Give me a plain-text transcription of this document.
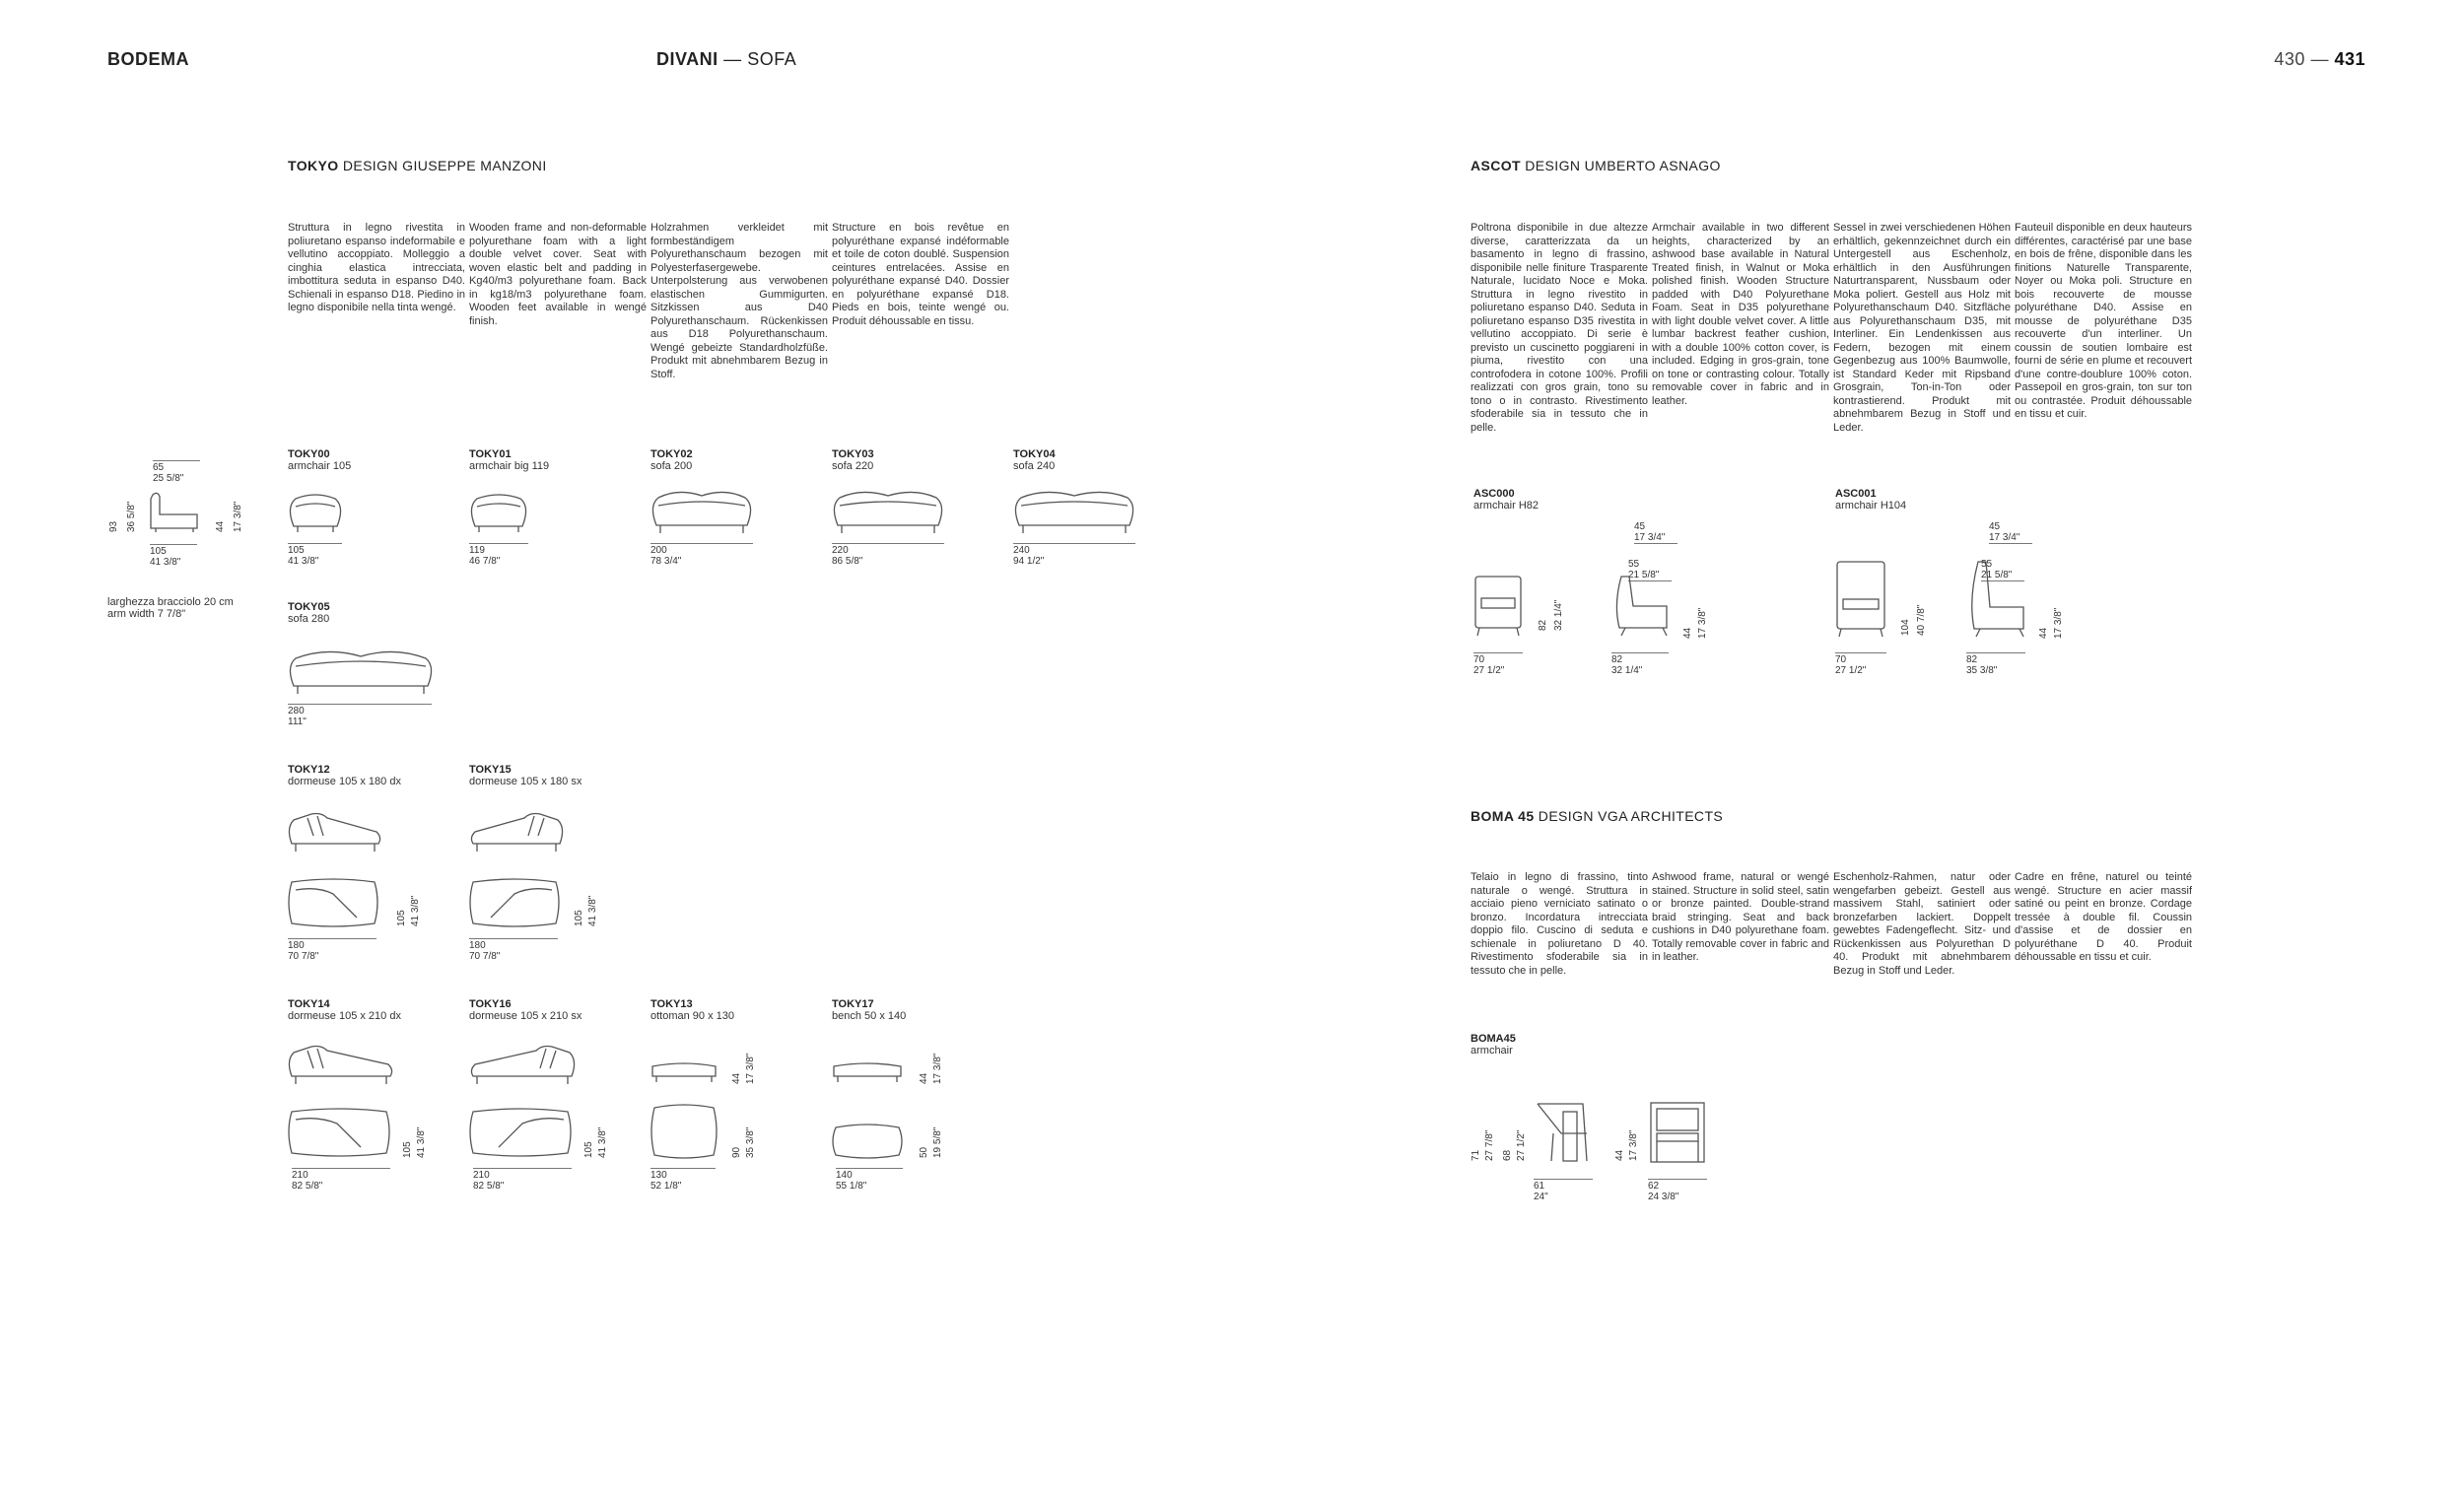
BODEMA	DIVANI — SOFA	430 — 431
TOKYO DESIGN GIUSEPPE MANZONI
Struttura in legno rivestita in poliuretano espanso indeformabile e vellutino accoppiato. Molleggio a cinghia elastica intrecciata, imbottitura seduta in espanso D40. Schienali in espanso D18. Piedino in legno disponibile nella tinta wengé.
Wooden frame and non-deformable polyurethane foam with a light double velvet cover. Seat with woven elastic belt and padding in Kg40/m3 polyurethane foam. Back in kg18/m3 polyurethane foam. Wooden feet available in wengé finish.
Holzrahmen verkleidet mit formbeständigem Polyurethanschaum bezogen mit Polyesterfasergewebe. Unterpolsterung aus verwobenen elastischen Gummigurten. Sitzkissen aus D40 Polyurethanschaum. Rückenkissen aus D18 Polyurethanschaum. Wengé gebeizte Standardholzfüße. Produkt mit abnehmbarem Bezug in Stoff.
Structure en bois revêtue en polyuréthane expansé indéformable et toile de coton doublé. Suspension ceintures entrelacées. Assise en polyuréthane expansé D40. Dossier en polyuréthane expansé D18. Pieds en bois, teinte wengé ou. Produit déhoussable en tissu.
65
25 5/8"
93 36 5/8"	44 17 3/8"
105
41 3/8"
larghezza bracciolo 20 cm
arm width 7 7/8"
TOKY00
armchair 105
105
41 3/8"
TOKY01
armchair big 119
119
46 7/8"
TOKY02
sofa 200
200
78 3/4"
TOKY03
sofa 220
220
86 5/8"
TOKY04
sofa 240
240
94 1/2"
TOKY05
sofa 280
280
111"
TOKY12
dormeuse 105 x 180 dx
105 41 3/8"
180
70 7/8"
TOKY15
dormeuse 105 x 180 sx
105 41 3/8"
180
70 7/8"
TOKY14
dormeuse 105 x 210 dx
105 41 3/8"
210
82 5/8"
TOKY16
dormeuse 105 x 210 sx
105 41 3/8"
210
82 5/8"
TOKY13
ottoman 90 x 130
44 17 3/8"
90 35 3/8"
130
52 1/8"
TOKY17
bench 50 x 140
44 17 3/8"
50 19 5/8"
140
55 1/8"
ASCOT DESIGN UMBERTO ASNAGO
Poltrona disponibile in due altezze diverse, caratterizzata da un basamento in legno di frassino, disponibile nelle finiture Trasparente Naturale, lucidato Noce e Moka. Struttura in legno rivestito in poliuretano espanso D40. Seduta in poliuretano espanso D35 rivestita in vellutino accoppiato. Di serie è previsto un cuscinetto poggiareni in piuma, rivestito con una controfodera in cotone 100%. Profili realizzati con gros grain, tono su tono o in contrasto. Rivestimento sfoderabile sia in tessuto che in pelle.
Armchair available in two different heights, characterized by an ashwood base available in Natural Treated finish, in Walnut or Moka polished finish. Wooden Structure padded with D40 Polyurethane Foam. Seat in D35 polyurethane with light double velvet cover. A little lumbar backrest feather cushion, with a double 100% cotton cover, is included. Edging in gros-grain, tone on tone or contrasting colour. Totally removable cover in fabric and in leather.
Sessel in zwei verschiedenen Höhen erhältlich, gekennzeichnet durch ein Untergestell aus Eschenholz, erhältlich in den Ausführungen Naturtransparent, Nussbaum oder Moka poliert. Gestell aus Holz mit Polyurethanschaum D40. Sitzfläche aus Polyurethanschaum D35, mit Interliner. Ein Lendenkissen aus Federn, bezogen mit einem Gegenbezug aus 100% Baumwolle, ist Standard Keder mit Ripsband Grosgrain, Ton-in-Ton oder kontrastierend. Produkt mit abnehmbarem Bezug in Stoff und Leder.
Fauteuil disponible en deux hauteurs différentes, caractérisé par une base en bois de frêne, disponible dans les finitions Naturelle Transparente, Noyer ou Moka poli. Structure en bois recouverte de mousse polyuréthane D40. Assise en mousse de polyuréthane D35 recouverte d'un interliner. Un coussin de soutien lombaire est fourni de série en plume et recouvert d'une contre-doublure 100% coton. Passepoil en gros-grain, ton sur ton ou contrastée. Produit déhoussable en tissu et cuir.
ASC000
armchair H82
82 32 1/4"
70
27 1/2"
45
17 3/4"
55
21 5/8"
44 17 3/8"
82
32 1/4"
ASC001
armchair H104
104 40 7/8"
70
27 1/2"
45
17 3/4"
55
21 5/8"
44 17 3/8"
82
35 3/8"
BOMA 45 DESIGN VGA ARCHITECTS
Telaio in legno di frassino, tinto naturale o wengé. Struttura in acciaio pieno verniciato satinato o bronzo. Incordatura intrecciata doppio filo. Cuscino di seduta e schienale in poliuretano D 40. Rivestimento sfoderabile sia in tessuto che in pelle.
Ashwood frame, natural or wengé stained. Structure in solid steel, satin or bronze painted. Double-strand braid stringing. Seat and back cushions in D40 polyurethane foam. Totally removable cover in fabric and in leather.
Eschenholz-Rahmen, natur oder wengefarben gebeizt. Gestell aus massivem Stahl, satiniert oder bronzefarben lackiert. Doppelt gewebtes Fadengeflecht. Sitz- und Rückenkissen aus Polyurethan D 40. Produkt mit abnehmbarem Bezug in Stoff und Leder.
Cadre en frêne, naturel ou teinté wengé. Structure en acier massif satiné ou peint en bronze. Cordage tressée à double fil. Coussin d'assise et de dossier en polyuréthane D 40. Produit déhoussable en tissu et cuir.
BOMA45
armchair
71 27 7/8" 68 27 1/2"	44 17 3/8"
61
24"
62
24 3/8"
